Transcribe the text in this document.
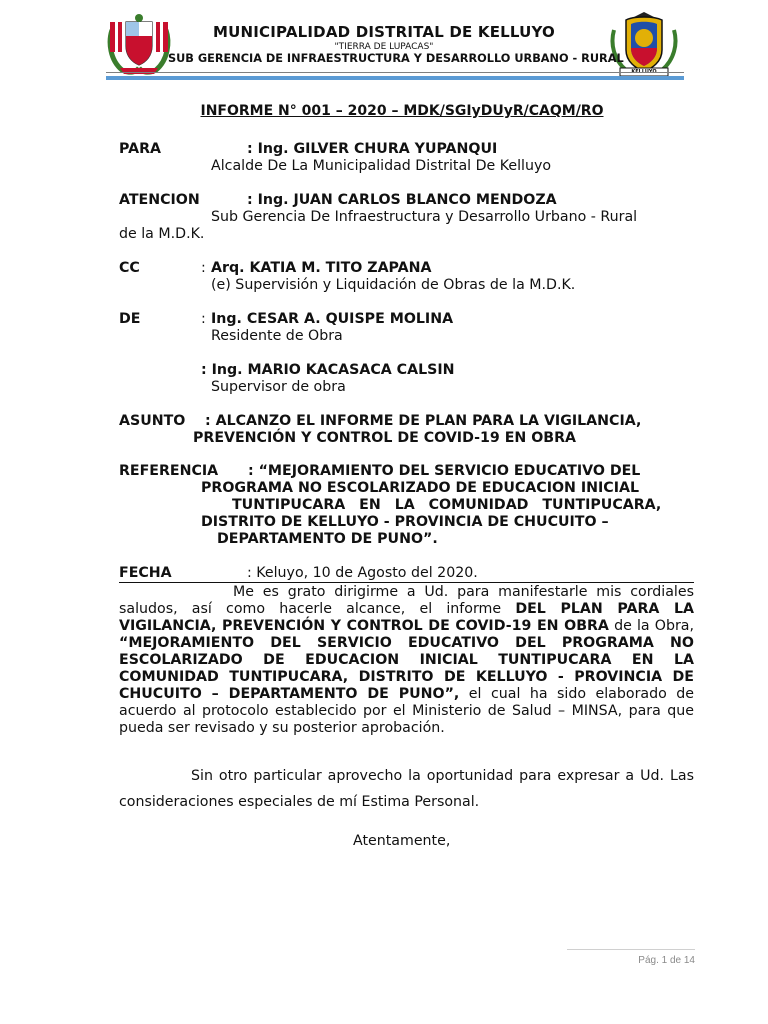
MUNICIPALIDAD DISTRITAL DE KELLUYO
"TIERRA DE LUPACAS"
SUB GERENCIA DE INFRAESTRUCTURA Y DESARROLLO URBANO - RURAL
INFORME N° 001 – 2020 – MDK/SGIyDUyR/CAQM/RO
PARA	: Ing. GILVER CHURA YUPANQUI
Alcalde De La Municipalidad Distrital De Kelluyo
ATENCION	: Ing. JUAN CARLOS BLANCO MENDOZA
Sub Gerencia De Infraestructura y Desarrollo Urbano - Rural
de la M.D.K.
CC	: Arq. KATIA M. TITO ZAPANA
(e) Supervisión y Liquidación de Obras de la M.D.K.
DE	: Ing. CESAR A. QUISPE MOLINA
Residente de Obra
: Ing. MARIO KACASACA CALSIN
Supervisor de obra
ASUNTO : ALCANZO EL INFORME DE PLAN PARA LA VIGILANCIA,
PREVENCIÓN Y CONTROL DE COVID-19 EN OBRA
REFERENCIA : “MEJORAMIENTO DEL SERVICIO EDUCATIVO DEL
PROGRAMA NO ESCOLARIZADO DE EDUCACION INICIAL
TUNTIPUCARA EN LA COMUNIDAD TUNTIPUCARA,
DISTRITO DE KELLUYO - PROVINCIA DE CHUCUITO –
DEPARTAMENTO DE PUNO”.
FECHA	: Keluyo, 10 de Agosto del 2020.

Me es grato dirigirme a Ud. para manifestarle mis cordiales saludos, así como hacerle alcance, el informe DEL PLAN PARA LA VIGILANCIA, PREVENCIÓN Y CONTROL DE COVID-19 EN OBRA de la Obra, “MEJORAMIENTO DEL SERVICIO EDUCATIVO DEL PROGRAMA NO ESCOLARIZADO DE EDUCACION INICIAL TUNTIPUCARA EN LA COMUNIDAD TUNTIPUCARA, DISTRITO DE KELLUYO - PROVINCIA DE CHUCUITO – DEPARTAMENTO DE PUNO”, el cual ha sido elaborado de acuerdo al protocolo establecido por el Ministerio de Salud – MINSA, para que pueda ser revisado y su posterior aprobación.

Sin otro particular aprovecho la oportunidad para expresar a Ud. Las consideraciones especiales de mí Estima Personal.

Atentamente,
Pág. 1 de 14
